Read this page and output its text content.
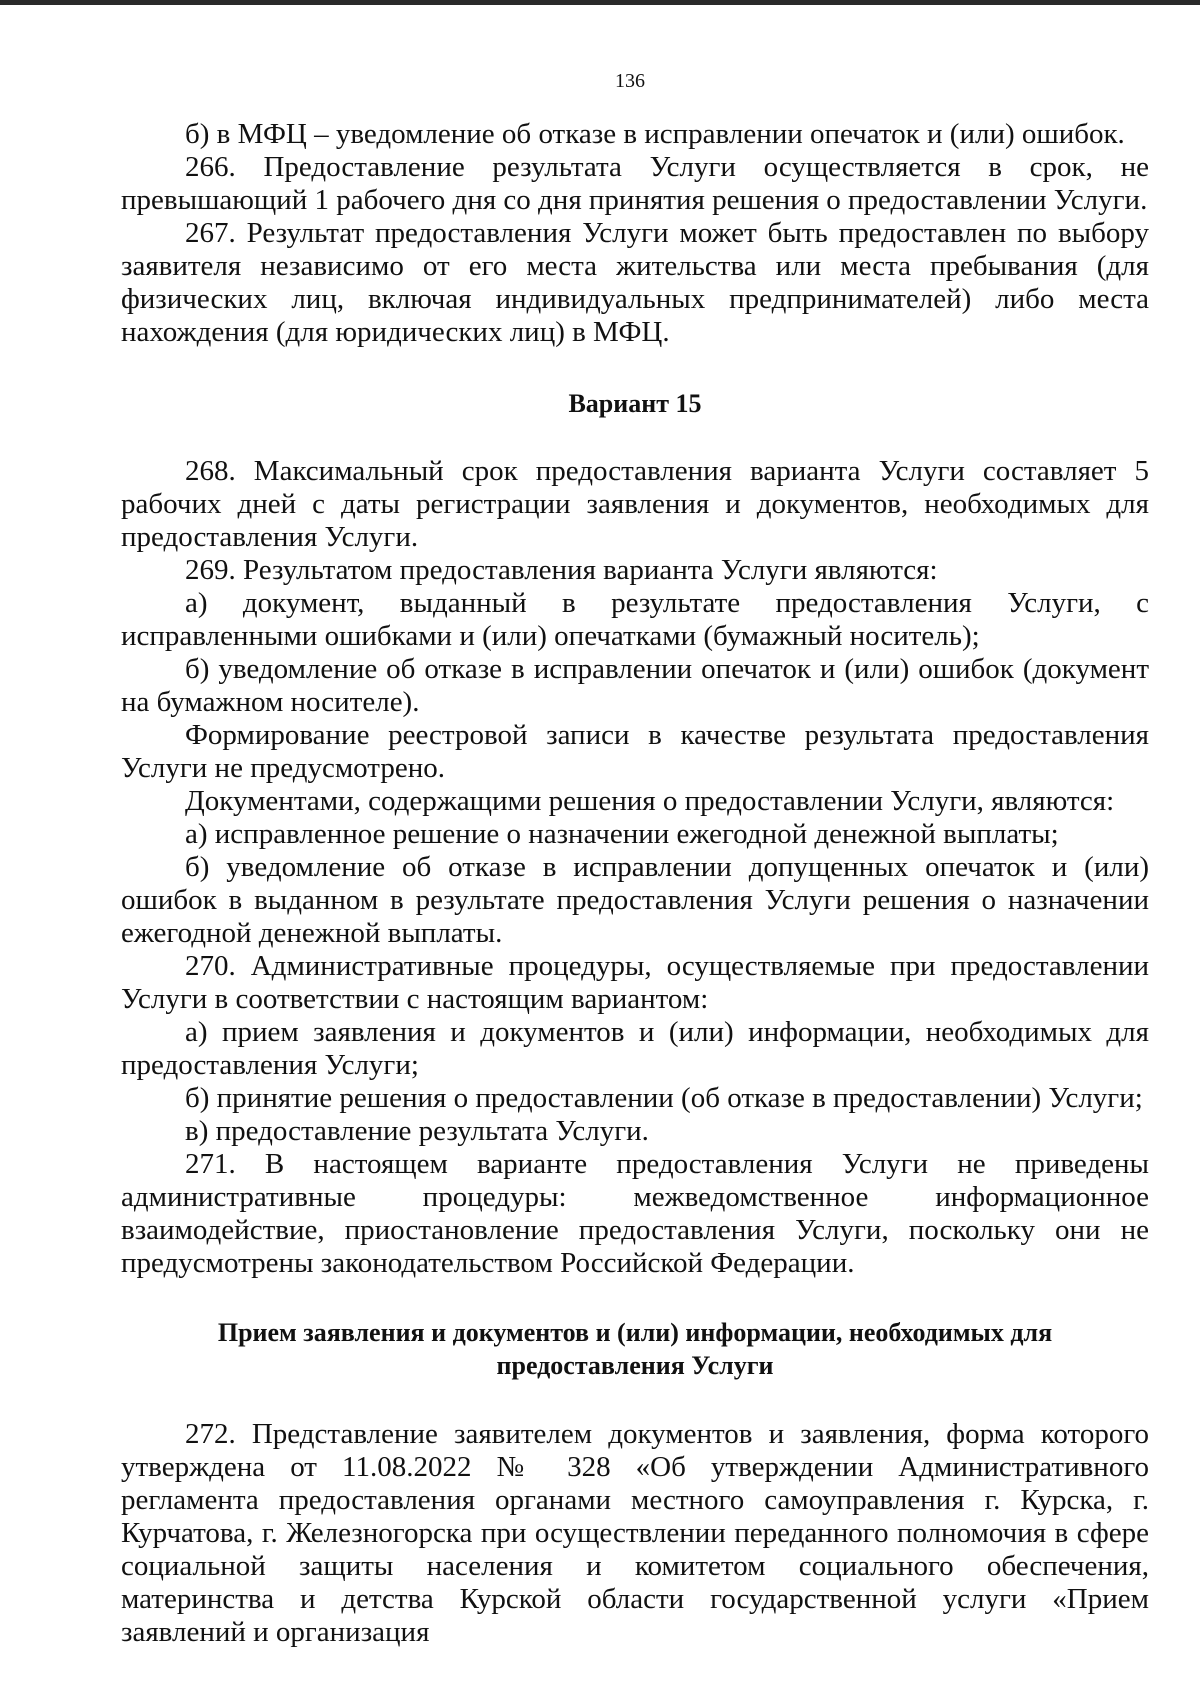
136

б) в МФЦ – уведомление об отказе в исправлении опечаток и (или) ошибок.

266. Предоставление результата Услуги осуществляется в срок, не превышающий 1 рабочего дня со дня принятия решения о предоставлении Услуги.

267. Результат предоставления Услуги может быть предоставлен по выбору заявителя независимо от его места жительства или места пребывания (для физических лиц, включая индивидуальных предпринимателей) либо места нахождения (для юридических лиц) в МФЦ.

Вариант 15

268. Максимальный срок предоставления варианта Услуги составляет 5 рабочих дней с даты регистрации заявления и документов, необходимых для предоставления Услуги.

269. Результатом предоставления варианта Услуги являются:

а) документ, выданный в результате предоставления Услуги, с исправленными ошибками и (или) опечатками (бумажный носитель);

б) уведомление об отказе в исправлении опечаток и (или) ошибок (документ на бумажном носителе).

Формирование реестровой записи в качестве результата предоставления Услуги не предусмотрено.

Документами, содержащими решения о предоставлении Услуги, являются:

а) исправленное решение о назначении ежегодной денежной выплаты;

б) уведомление об отказе в исправлении допущенных опечаток и (или) ошибок в выданном в результате предоставления Услуги решения о назначении ежегодной денежной выплаты.

270. Административные процедуры, осуществляемые при предоставлении Услуги в соответствии с настоящим вариантом:

а) прием заявления и документов и (или) информации, необходимых для предоставления Услуги;

б) принятие решения о предоставлении (об отказе в предоставлении) Услуги;

в) предоставление результата Услуги.

271. В настоящем варианте предоставления Услуги не приведены административные процедуры: межведомственное информационное взаимодействие, приостановление предоставления Услуги, поскольку они не предусмотрены законодательством Российской Федерации.

Прием заявления и документов и (или) информации, необходимых для
предоставления Услуги

272. Представление заявителем документов и заявления, форма которого утверждена от 11.08.2022 № 328 «Об утверждении Административного регламента предоставления органами местного самоуправления г. Курска, г. Курчатова, г. Железногорска при осуществлении переданного полномочия в сфере социальной защиты населения и комитетом социального обеспечения, материнства и детства Курской области государственной услуги «Прием заявлений и организация
